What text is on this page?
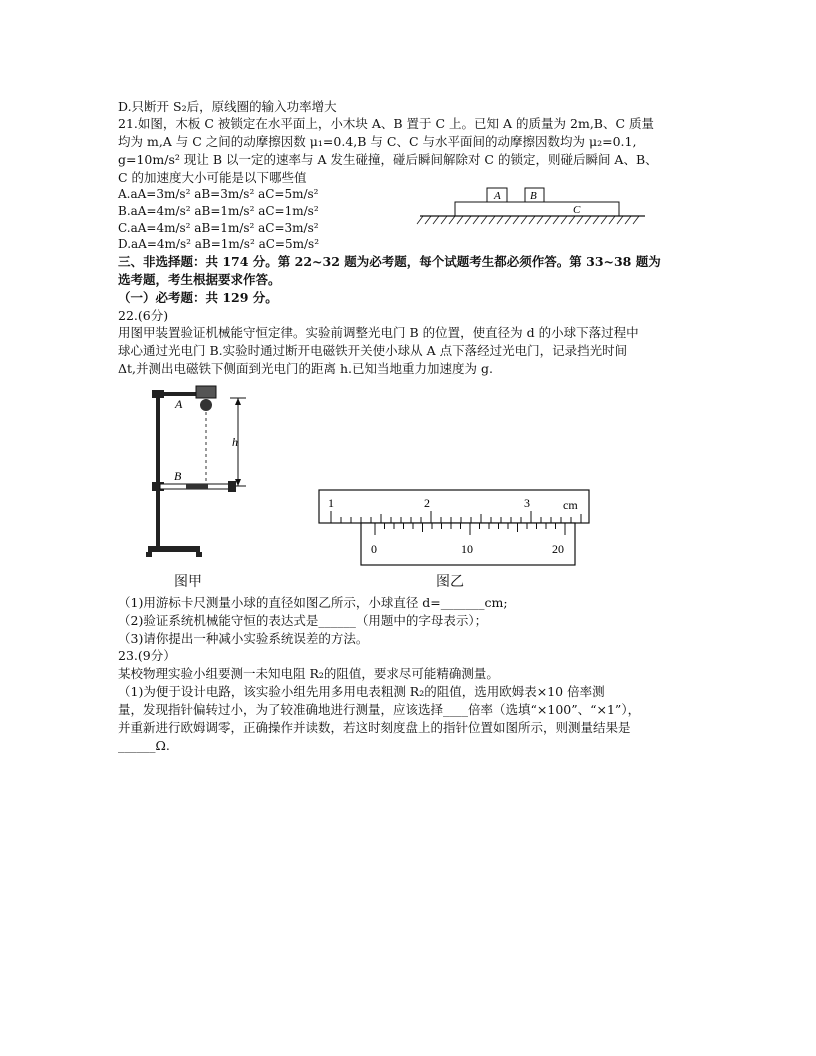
D.只断开 S₂后，原线圈的输入功率增大
21.如图，木板 C 被锁定在水平面上，小木块 A、B 置于 C 上。已知 A 的质量为 2m,B、C 质量
均为 m,A 与 C 之间的动摩擦因数 μ₁=0.4,B 与 C、C 与水平面间的动摩擦因数均为 μ₂=0.1,
g=10m/s² 现让 B 以一定的速率与 A 发生碰撞，碰后瞬间解除对 C 的锁定，则碰后瞬间 A、B、
C 的加速度大小可能是以下哪些值
A.aA=3m/s² aB=3m/s² aC=5m/s²
B.aA=4m/s² aB=1m/s² aC=1m/s²
C.aA=4m/s² aB=1m/s² aC=3m/s²
D.aA=4m/s² aB=1m/s² aC=5m/s²
A	B
C
三、非选择题：共 174 分。第 22~32 题为必考题，每个试题考生都必须作答。第 33~38 题为
选考题，考生根据要求作答。
（一）必考题：共 129 分。
22.(6分)
用图甲装置验证机械能守恒定律。实验前调整光电门 B 的位置，使直径为 d 的小球下落过程中
球心通过光电门 B.实验时通过断开电磁铁开关使小球从 A 点下落经过光电门，记录挡光时间
Δt,并测出电磁铁下侧面到光电门的距离 h.已知当地重力加速度为 g.
A
h
B
图甲
1	2	3	cm
0	10	20
图乙
（1)用游标卡尺测量小球的直径如图乙所示，小球直径 d=_______cm;
（2)验证系统机械能守恒的表达式是______（用题中的字母表示）；
（3)请你提出一种减小实验系统误差的方法。
23.(9分）
某校物理实验小组要测一未知电阻 R₂的阻值，要求尽可能精确测量。
（1)为便于设计电路，该实验小组先用多用电表粗测 R₂的阻值，选用欧姆表×10 倍率测
量，发现指针偏转过小，为了较准确地进行测量，应该选择____倍率（选填“×100”、“×1”），
并重新进行欧姆调零，正确操作并读数，若这时刻度盘上的指针位置如图所示，则测量结果是
______Ω.
